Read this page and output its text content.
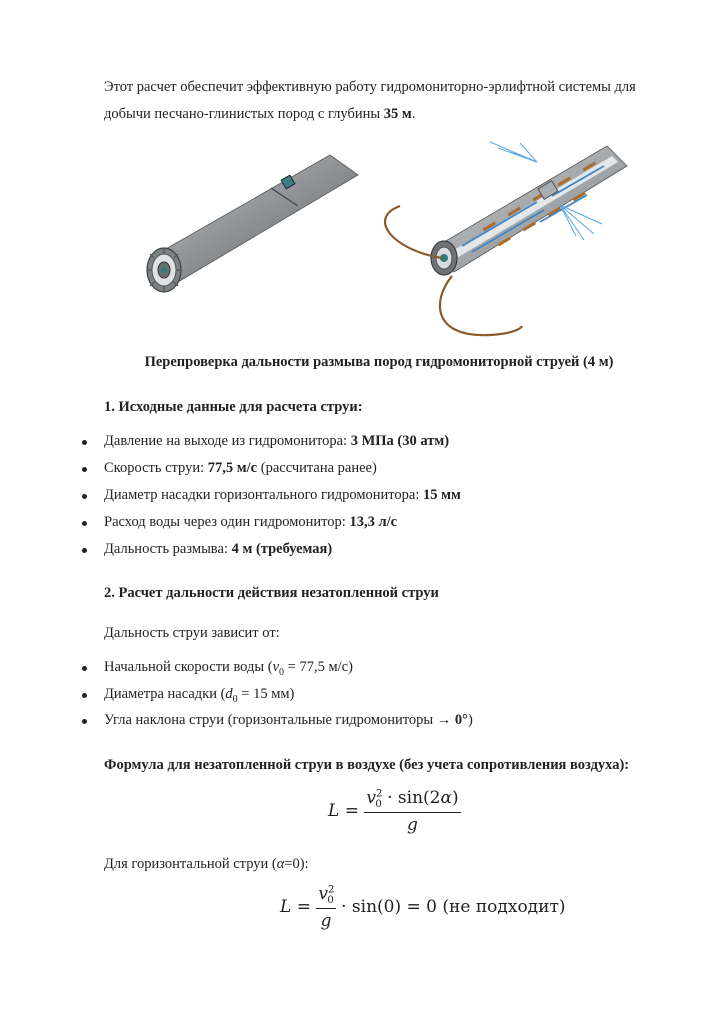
Этот расчет обеспечит эффективную работу гидромониторно-эрлифтной системы для добычи песчано-глинистых пород с глубины 35 м.
Перепроверка дальности размыва пород гидромониторной струей (4 м)
1. Исходные данные для расчета струи:
Давление на выходе из гидромонитора: 3 МПа (30 атм)
Скорость струи: 77,5 м/с (рассчитана ранее)
Диаметр насадки горизонтального гидромонитора: 15 мм
Расход воды через один гидромонитор: 13,3 л/с
Дальность размыва: 4 м (требуемая)
2. Расчет дальности действия незатопленной струи
Дальность струи зависит от:
Начальной скорости воды ($v_0 = 77,5$ м/с)
Диаметра насадки ($d_0 = 15$ мм)
Угла наклона струи (горизонтальные гидромониторы → 0°)
Формула для незатопленной струи в воздухе (без учета сопротивления воздуха):
$L = \frac{v^2_0 \cdot \sin(2\alpha)}{g}$
Для горизонтальной струи (α=0):
$L = \frac{v^2_0}{g} \cdot \sin(0) = 0$ (не подходит)
